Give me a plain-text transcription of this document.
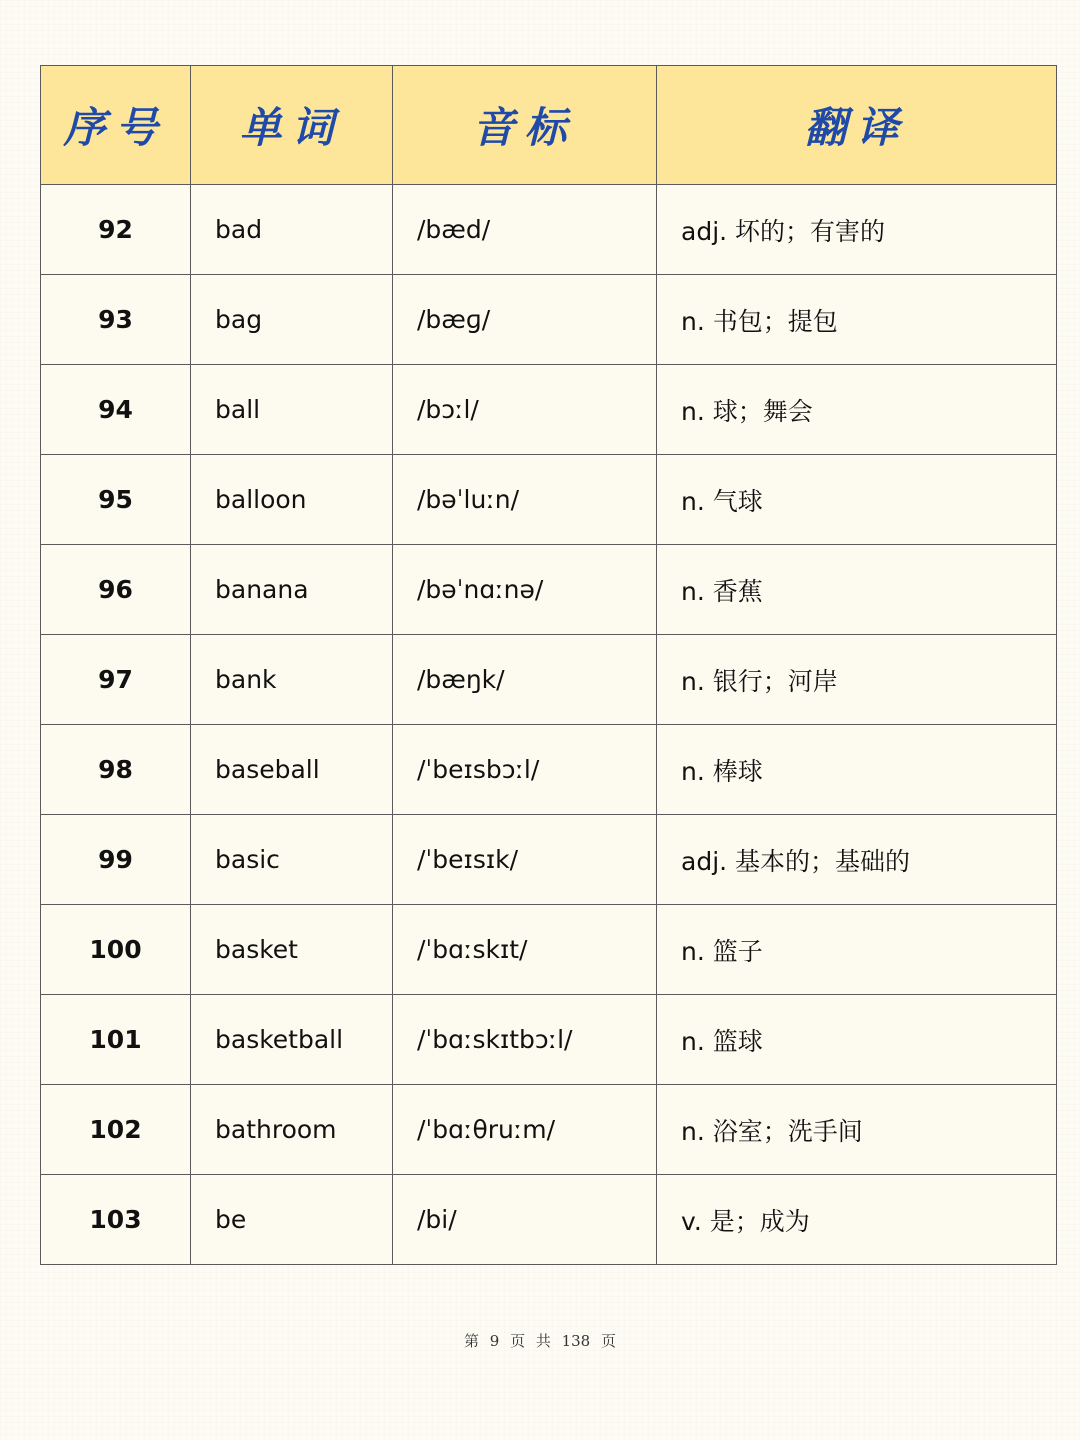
序号	单词	音标	翻译
92	bad	/bæd/	adj. 坏的；有害的
93	bag	/bæɡ/	n. 书包；提包
94	ball	/bɔːl/	n. 球；舞会
95	balloon	/bəˈluːn/	n. 气球
96	banana	/bəˈnɑːnə/	n. 香蕉
97	bank	/bæŋk/	n. 银行；河岸
98	baseball	/ˈbeɪsbɔːl/	n. 棒球
99	basic	/ˈbeɪsɪk/	adj. 基本的；基础的
100	basket	/ˈbɑːskɪt/	n. 篮子
101	basketball	/ˈbɑːskɪtbɔːl/	n. 篮球
102	bathroom	/ˈbɑːθruːm/	n. 浴室；洗手间
103	be	/bi/	v. 是；成为
第 9 页 共 138 页
